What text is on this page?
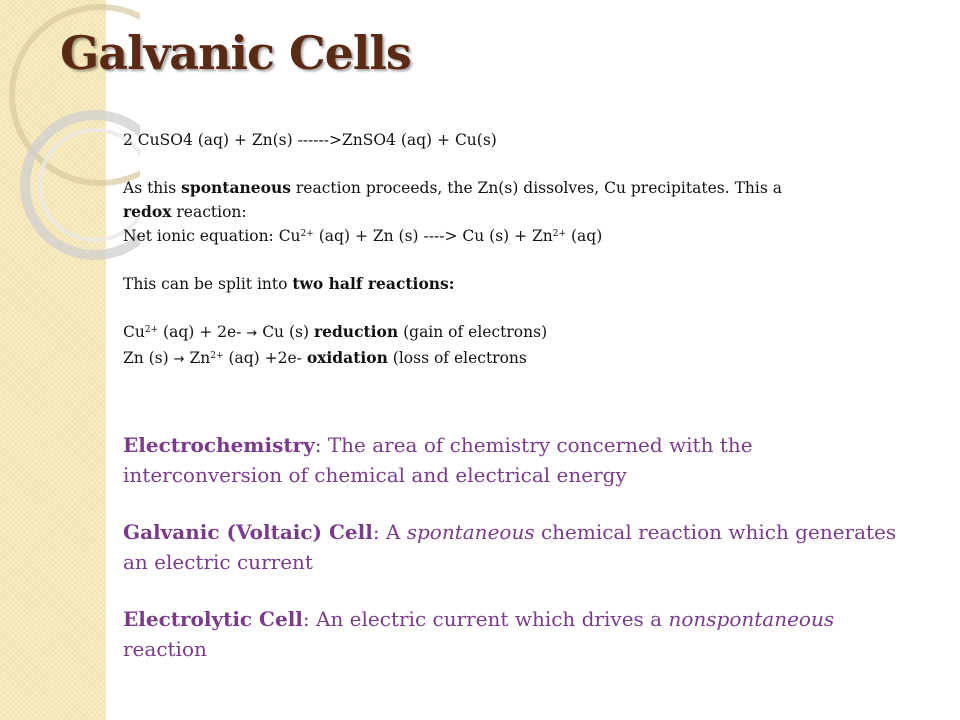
Galvanic Cells
2 CuSO4 (aq) + Zn(s) ------>ZnSO4 (aq) + Cu(s)
As this spontaneous reaction proceeds, the Zn(s) dissolves, Cu precipitates. This a
redox reaction:
Net ionic equation: $Cu^{2+}$ (aq) + Zn (s) ----> Cu $(s) + Zn^{2+}$ (aq)
This can be split into two half reactions:
$Cu^{2+}$ (aq) + 2e- → Cu (s) reduction (gain of electrons)
Zn $(s) \to Zn^{2+}$ (aq) +2e- oxidation (loss of electrons
Electrochemistry: The area of chemistry concerned with the interconversion of chemical and electrical energy
Galvanic (Voltaic) Cell: A spontaneous chemical reaction which generates an electric current
Electrolytic Cell: An electric current which drives a nonspontaneous reaction
